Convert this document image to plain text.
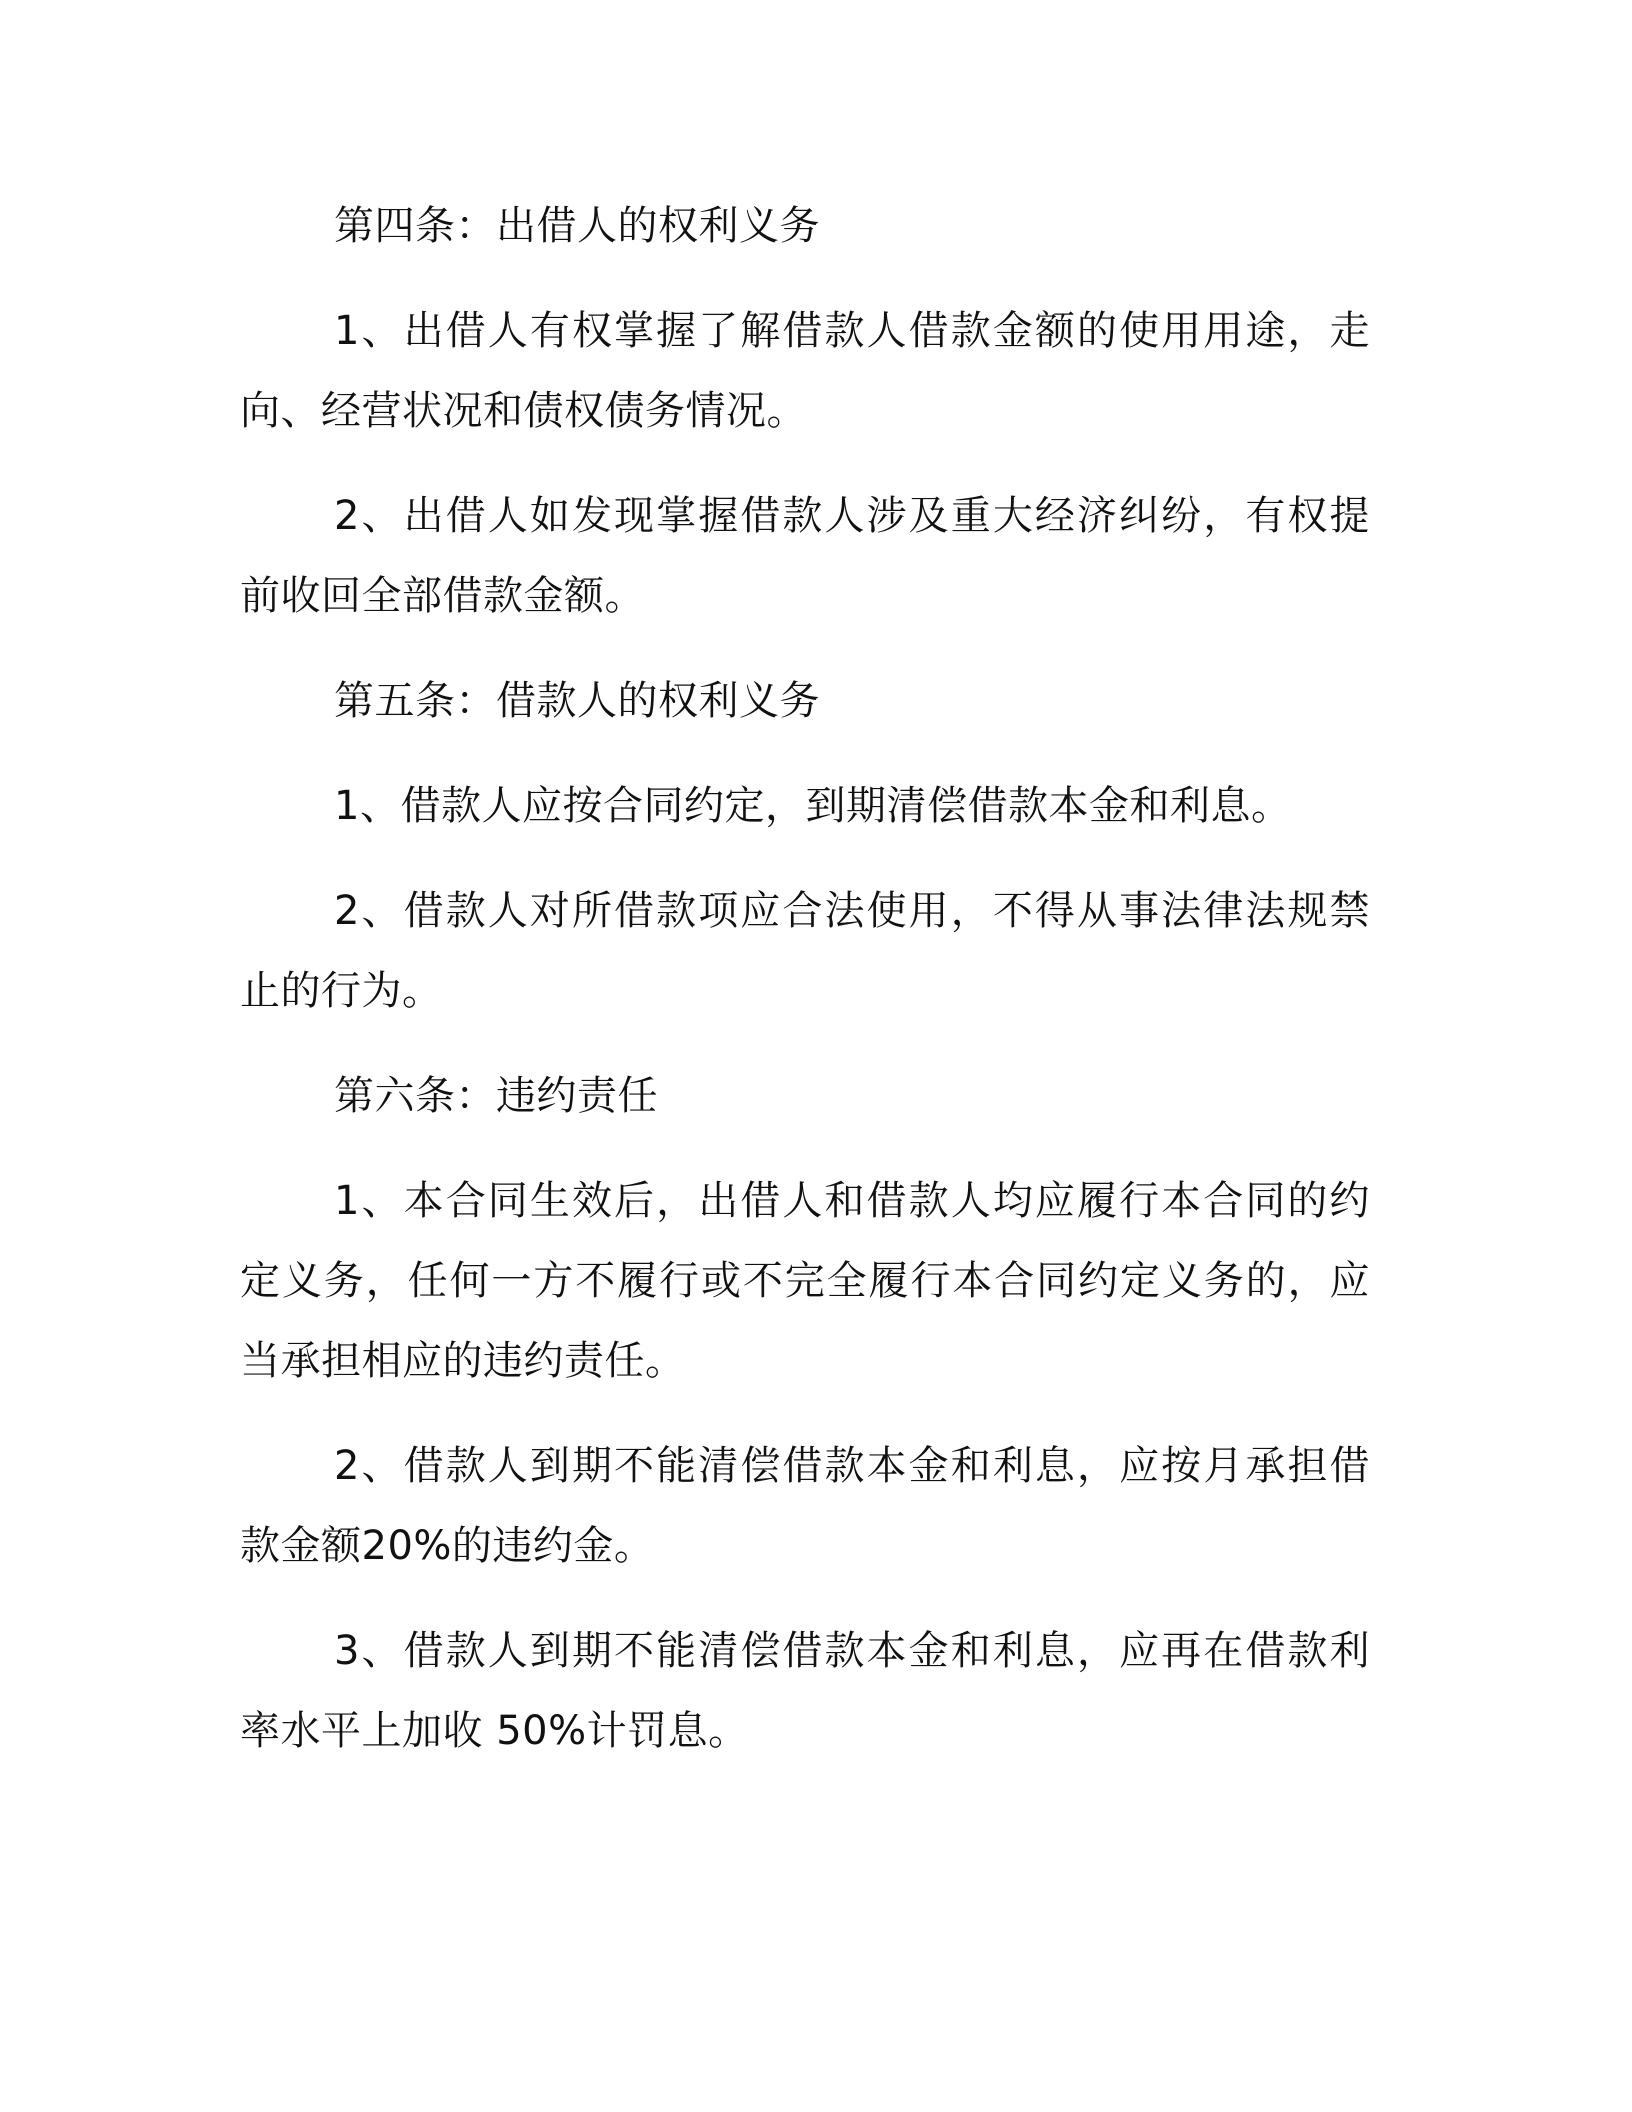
第四条：出借人的权利义务

1、出借人有权掌握了解借款人借款金额的使用用途，走向、经营状况和债权债务情况。

2、出借人如发现掌握借款人涉及重大经济纠纷，有权提前收回全部借款金额。

第五条：借款人的权利义务

1、借款人应按合同约定，到期清偿借款本金和利息。

2、借款人对所借款项应合法使用，不得从事法律法规禁止的行为。

第六条：违约责任

1、本合同生效后，出借人和借款人均应履行本合同的约定义务，任何一方不履行或不完全履行本合同约定义务的，应当承担相应的违约责任。

2、借款人到期不能清偿借款本金和利息，应按月承担借款金额20%的违约金。

3、借款人到期不能清偿借款本金和利息，应再在借款利率水平上加收 50%计罚息。
